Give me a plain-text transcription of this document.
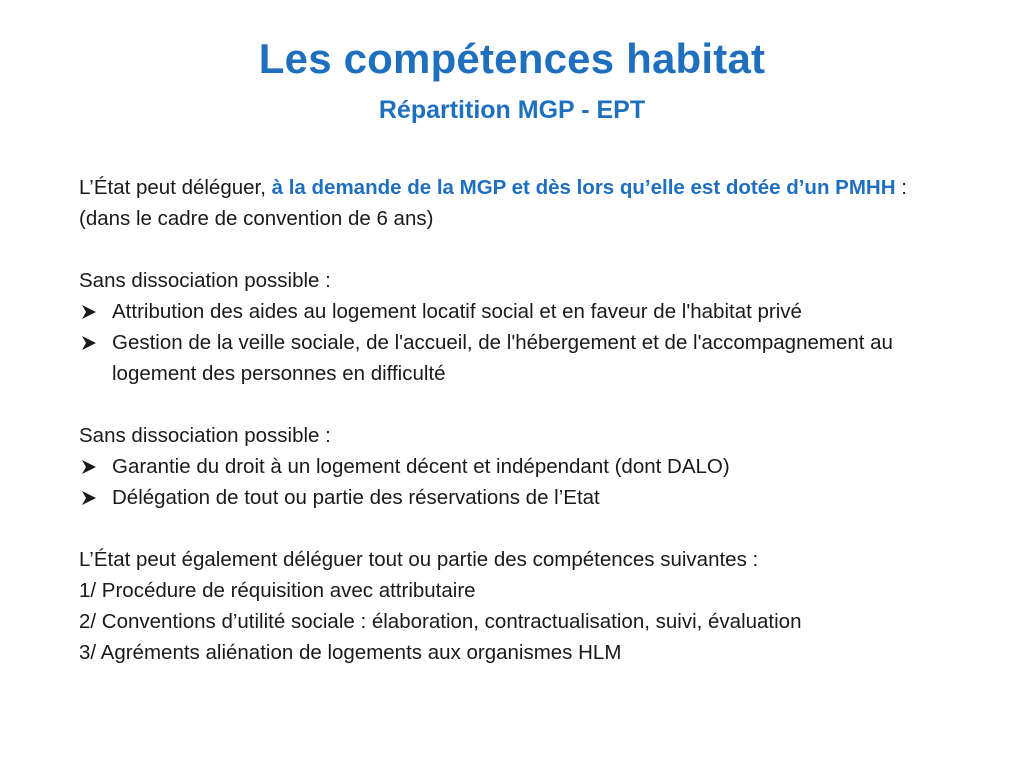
Les compétences habitat
Répartition MGP - EPT

L’État peut déléguer, à la demande de la MGP et dès lors qu’elle est dotée d’un PMHH : (dans le cadre de convention de 6 ans)

Sans dissociation possible :

Attribution des aides au logement locatif social et en faveur de l'habitat privé
Gestion de la veille sociale, de l'accueil, de l'hébergement et de l'accompagnement au logement des personnes en difficulté

Sans dissociation possible :

Garantie du droit à un logement décent et indépendant (dont DALO)
Délégation de tout ou partie des réservations de l’Etat

L’État peut également déléguer tout ou partie des compétences suivantes :

1/ Procédure de réquisition avec attributaire

2/ Conventions d’utilité sociale : élaboration, contractualisation, suivi, évaluation

3/ Agréments aliénation de logements aux organismes HLM
